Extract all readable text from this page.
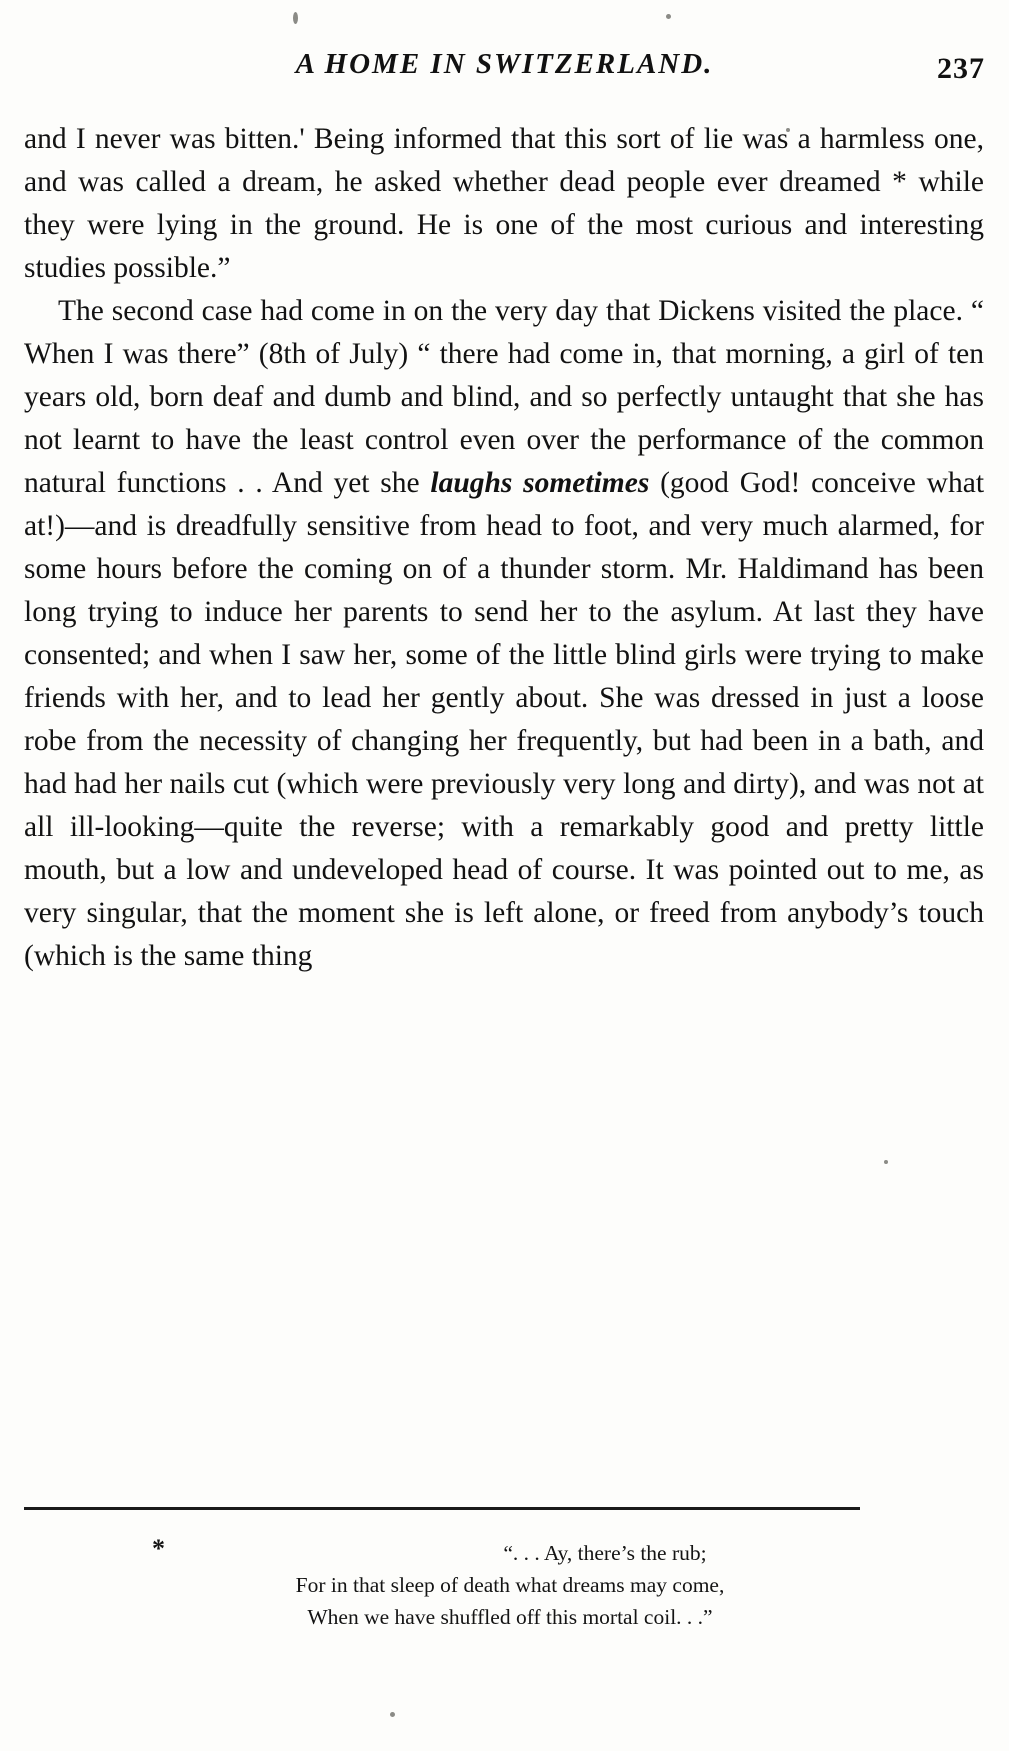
A HOME IN SWITZERLAND.	237

and I never was bitten.' Being informed that this sort of lie was a harmless one, and was called a dream, he asked whether dead people ever dreamed * while they were lying in the ground. He is one of the most curious and interesting studies possible.”

The second case had come in on the very day that Dickens visited the place. “ When I was there” (8th of July) “ there had come in, that morning, a girl of ten years old, born deaf and dumb and blind, and so perfectly untaught that she has not learnt to have the least control even over the performance of the common natural functions . . And yet she laughs sometimes (good God! conceive what at!)—and is dreadfully sensitive from head to foot, and very much alarmed, for some hours before the coming on of a thunder storm. Mr. Haldimand has been long trying to induce her parents to send her to the asylum. At last they have consented; and when I saw her, some of the little blind girls were trying to make friends with her, and to lead her gently about. She was dressed in just a loose robe from the necessity of changing her frequently, but had been in a bath, and had had her nails cut (which were previously very long and dirty), and was not at all ill-looking—quite the reverse; with a remarkably good and pretty little mouth, but a low and undeveloped head of course. It was pointed out to me, as very singular, that the moment she is left alone, or freed from anybody’s touch (which is the same thing

*	“. . . Ay, there’s the rub;
For in that sleep of death what dreams may come,
When we have shuffled off this mortal coil. . .”
